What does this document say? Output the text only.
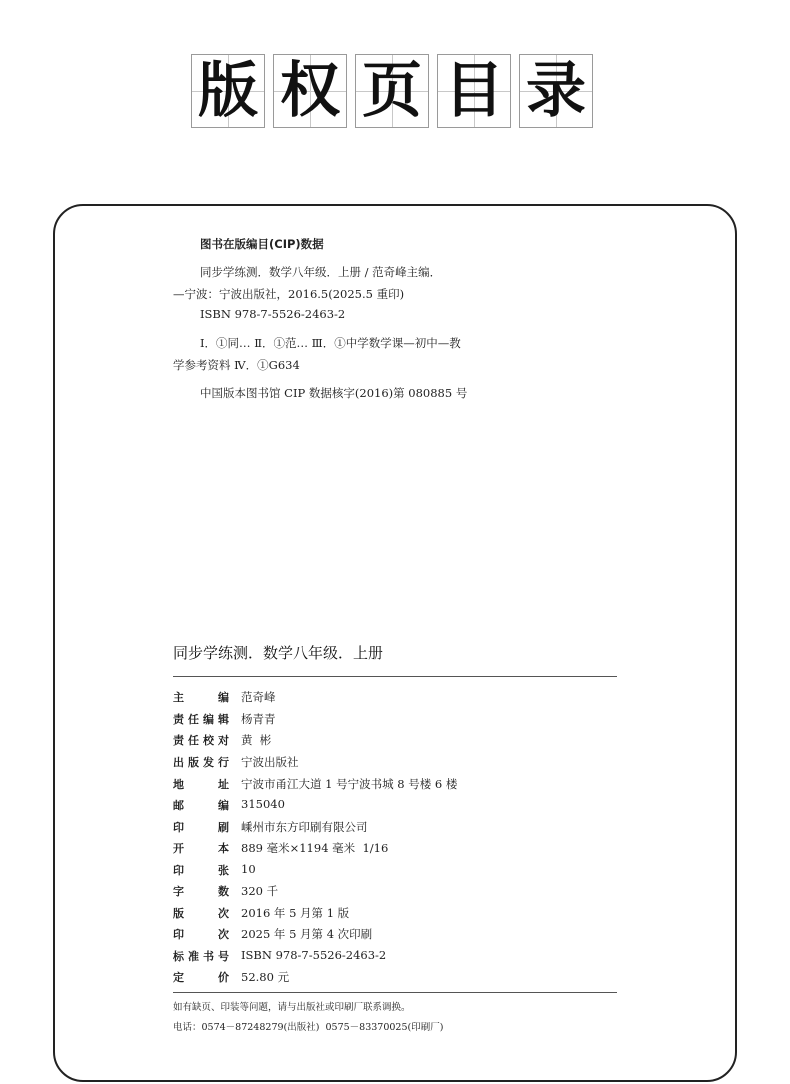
版 权 页 目 录
图书在版编目(CIP)数据
同步学练测．数学八年级．上册 / 范奇峰主编．
—宁波：宁波出版社，2016.5(2025.5 重印)
ISBN 978-7-5526-2463-2
Ⅰ．①同… Ⅱ．①范… Ⅲ．①中学数学课—初中—教
学参考资料 Ⅳ．①G634
中国版本图书馆 CIP 数据核字(2016)第 080885 号
同步学练测．数学八年级．上册
主编 范奇峰
责任编辑 杨青青
责任校对 黄  彬
出版发行 宁波出版社
地址 宁波市甬江大道 1 号宁波书城 8 号楼 6 楼
邮编 315040
印刷 嵊州市东方印刷有限公司
开本 889 毫米×1194 毫米  1/16
印张 10
字数 320 千
版次 2016 年 5 月第 1 版
印次 2025 年 5 月第 4 次印刷
标准书号 ISBN 978-7-5526-2463-2
定价 52.80 元
如有缺页、印装等问题，请与出版社或印刷厂联系调换。
电话：0574－87248279(出版社)  0575－83370025(印刷厂)
